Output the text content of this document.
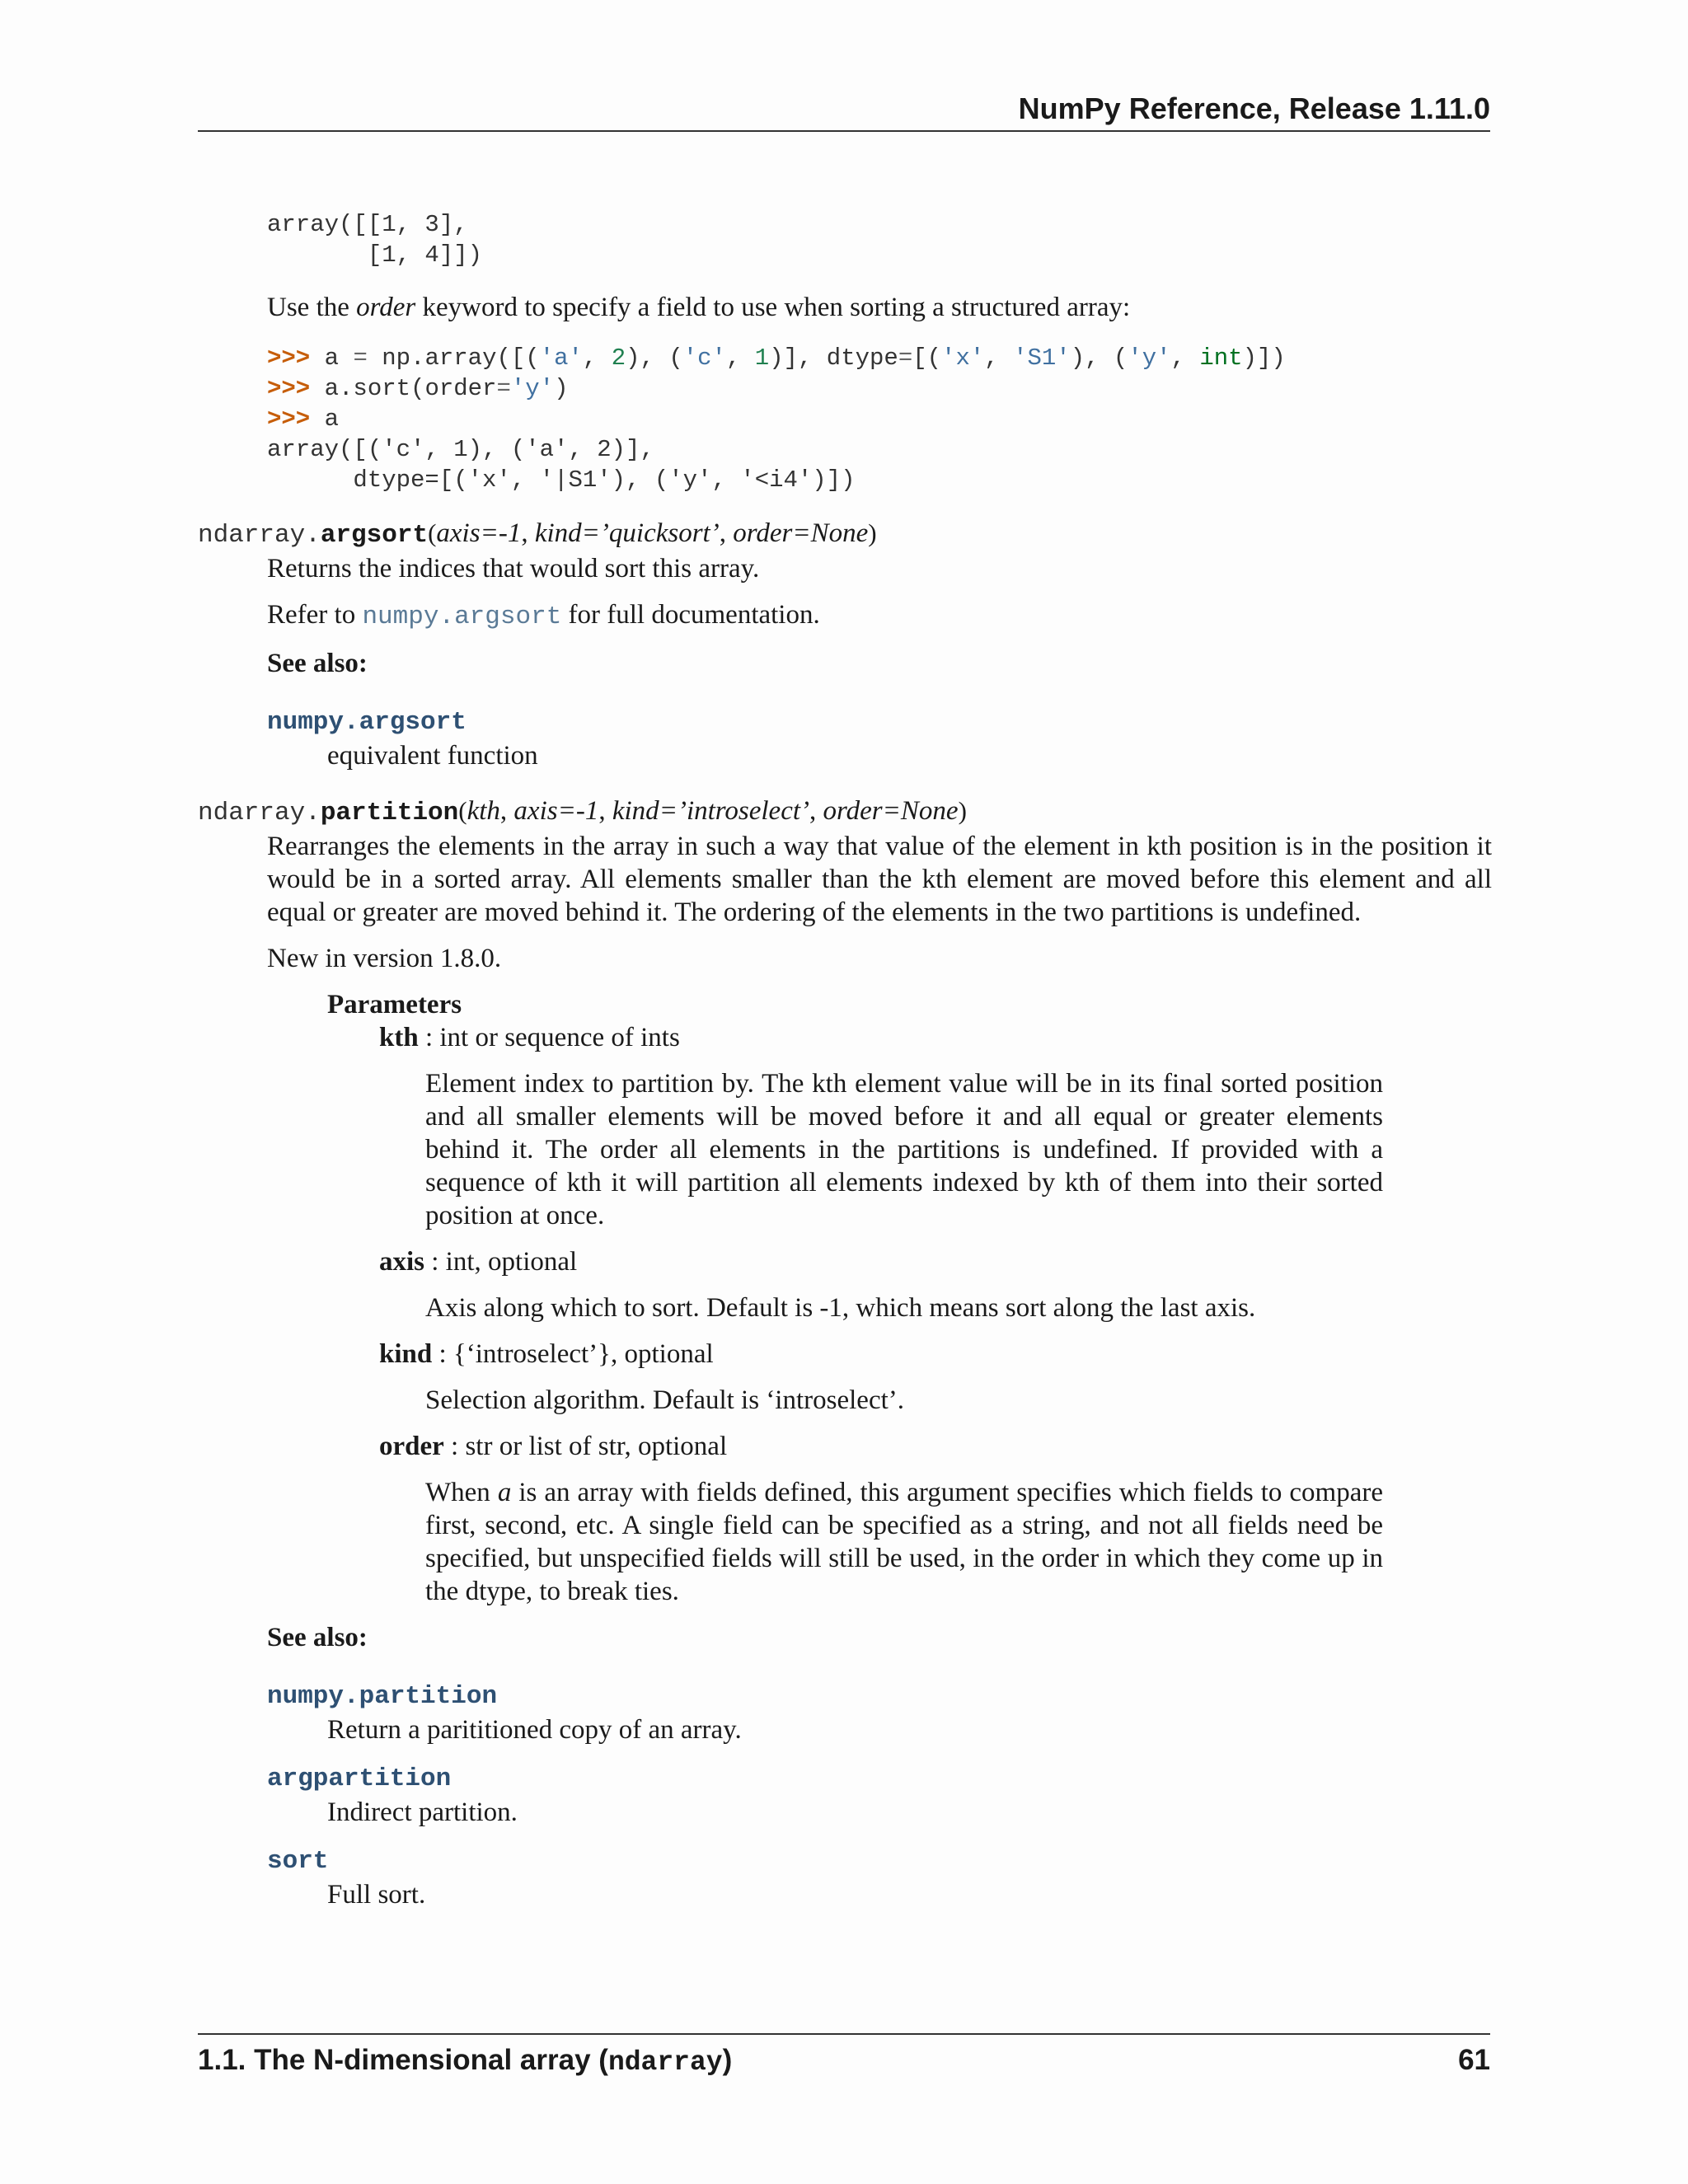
NumPy Reference, Release 1.11.0
array([[1, 3],
[1, 4]])

Use the order keyword to specify a field to use when sorting a structured array:

>>> a = np.array([('a', 2), ('c', 1)], dtype=[('x', 'S1'), ('y', int)])
>>> a.sort(order='y')
>>> a
array([('c', 1), ('a', 2)],
dtype=[('x', '|S1'), ('y', '<i4')])
ndarray.argsort(axis=-1, kind=’quicksort’, order=None)

Returns the indices that would sort this array.

Refer to numpy.argsort for full documentation.

See also:

numpy.argsort

equivalent function

ndarray.partition(kth, axis=-1, kind=’introselect’, order=None)

Rearranges the elements in the array in such a way that value of the element in kth position is in the position it would be in a sorted array. All elements smaller than the kth element are moved before this element and all equal or greater are moved behind it. The ordering of the elements in the two partitions is undefined.

New in version 1.8.0.

Parameters

kth : int or sequence of ints

Element index to partition by. The kth element value will be in its final sorted position and all smaller elements will be moved before it and all equal or greater elements behind it. The order all elements in the partitions is undefined. If provided with a sequence of kth it will partition all elements indexed by kth of them into their sorted position at once.

axis : int, optional

Axis along which to sort. Default is -1, which means sort along the last axis.

kind : {‘introselect’}, optional

Selection algorithm. Default is ‘introselect’.

order : str or list of str, optional

When a is an array with fields defined, this argument specifies which fields to compare first, second, etc. A single field can be specified as a string, and not all fields need be specified, but unspecified fields will still be used, in the order in which they come up in the dtype, to break ties.

See also:

numpy.partition

Return a parititioned copy of an array.

argpartition

Indirect partition.

sort

Full sort.

1.1. The N-dimensional array (ndarray)	61
